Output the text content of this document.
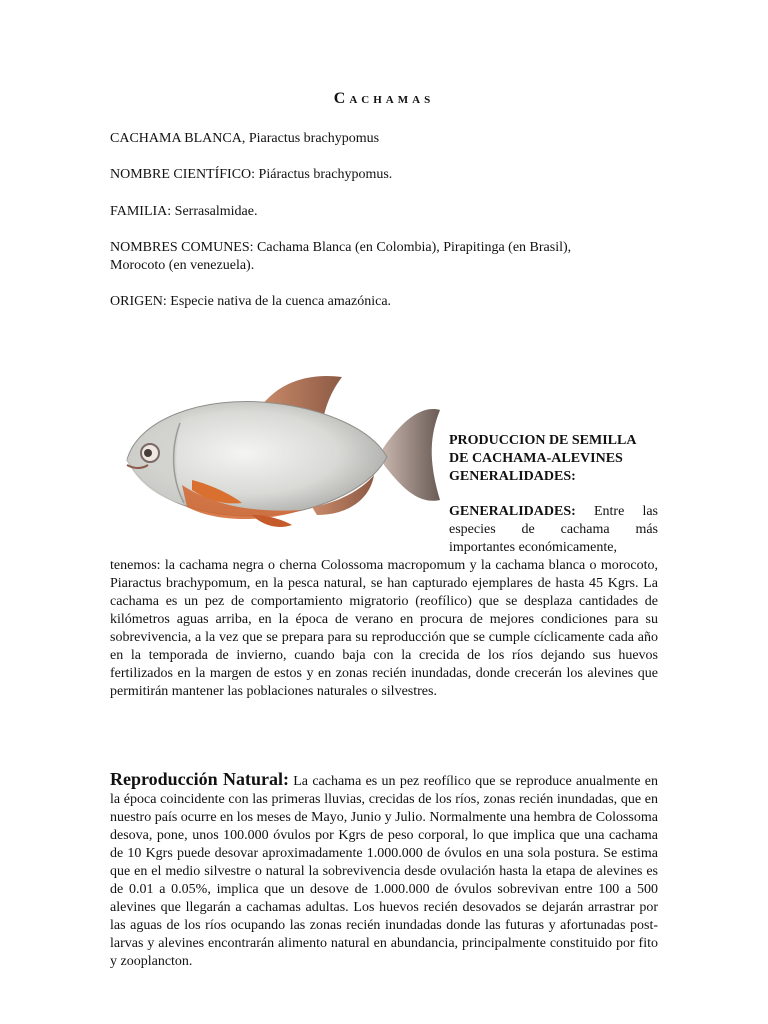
Cachamas
CACHAMA BLANCA, Piaractus brachypomus
NOMBRE CIENTÍFICO: Piáractus brachypomus.
FAMILIA: Serrasalmidae.
NOMBRES COMUNES: Cachama Blanca (en Colombia), Pirapitinga (en Brasil),
Morocoto (en venezuela).
ORIGEN: Especie nativa de la cuenca amazónica.
PRODUCCION DE SEMILLA
DE CACHAMA-ALEVINES
GENERALIDADES:
GENERALIDADES: Entre las especies de cachama más importantes económicamente,
tenemos: la cachama negra o cherna Colossoma macropomum y la cachama blanca o morocoto, Piaractus brachypomum, en la pesca natural, se han capturado ejemplares de hasta 45 Kgrs. La cachama es un pez de comportamiento migratorio (reofílico) que se desplaza cantidades de kilómetros aguas arriba, en la época de verano en procura de mejores condiciones para su sobrevivencia, a la vez que se prepara para su reproducción que se cumple cíclicamente cada año en la temporada de invierno, cuando baja con la crecida de los ríos dejando sus huevos fertilizados en la margen de estos y en zonas recién inundadas, donde crecerán los alevines que permitirán mantener las poblaciones naturales o silvestres.
Reproducción Natural: La cachama es un pez reofílico que se reproduce anualmente en la época coincidente con las primeras lluvias, crecidas de los ríos, zonas recién inundadas, que en nuestro país ocurre en los meses de Mayo, Junio y Julio. Normalmente una hembra de Colossoma desova, pone, unos 100.000 óvulos por Kgrs de peso corporal, lo que implica que una cachama de 10 Kgrs puede desovar aproximadamente 1.000.000 de óvulos en una sola postura. Se estima que en el medio silvestre o natural la sobrevivencia desde ovulación hasta la etapa de alevines es de 0.01 a 0.05%, implica que un desove de 1.000.000 de óvulos sobrevivan entre 100 a 500 alevines que llegarán a cachamas adultas. Los huevos recién desovados se dejarán arrastrar por las aguas de los ríos ocupando las zonas recién inundadas donde las futuras y afortunadas post-larvas y alevines encontrarán alimento natural en abundancia, principalmente constituido por fito y zooplancton.
